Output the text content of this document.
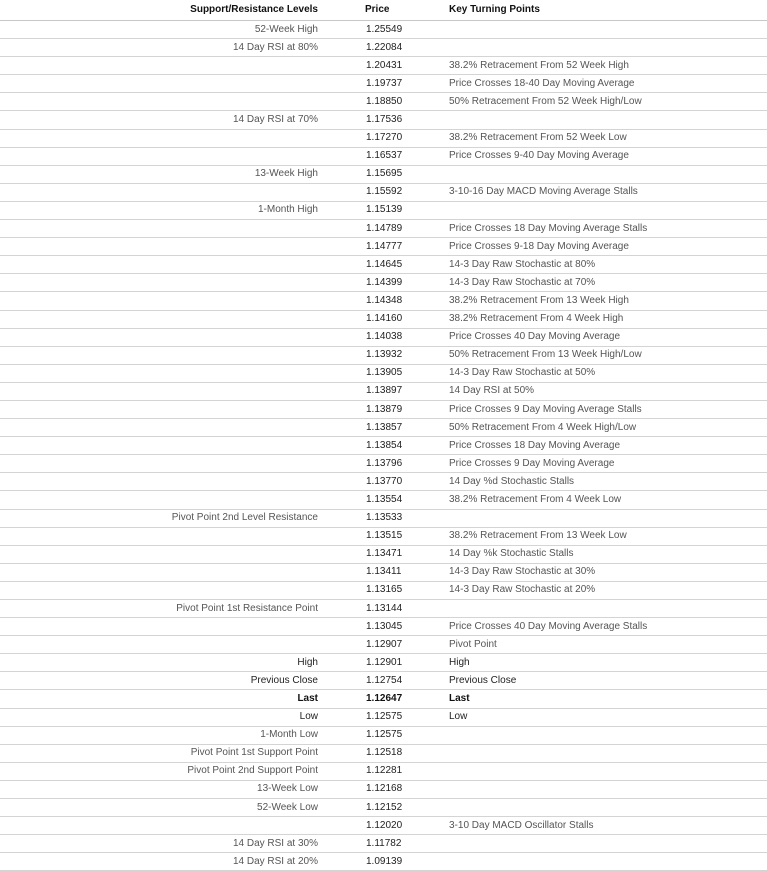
Support/Resistance Levels	Price	Key Turning Points
52-Week High	1.25549	
14 Day RSI at 80%	1.22084	
	1.20431	38.2% Retracement From 52 Week High
	1.19737	Price Crosses 18-40 Day Moving Average
	1.18850	50% Retracement From 52 Week High/Low
14 Day RSI at 70%	1.17536	
	1.17270	38.2% Retracement From 52 Week Low
	1.16537	Price Crosses 9-40 Day Moving Average
13-Week High	1.15695	
	1.15592	3-10-16 Day MACD Moving Average Stalls
1-Month High	1.15139	
	1.14789	Price Crosses 18 Day Moving Average Stalls
	1.14777	Price Crosses 9-18 Day Moving Average
	1.14645	14-3 Day Raw Stochastic at 80%
	1.14399	14-3 Day Raw Stochastic at 70%
	1.14348	38.2% Retracement From 13 Week High
	1.14160	38.2% Retracement From 4 Week High
	1.14038	Price Crosses 40 Day Moving Average
	1.13932	50% Retracement From 13 Week High/Low
	1.13905	14-3 Day Raw Stochastic at 50%
	1.13897	14 Day RSI at 50%
	1.13879	Price Crosses 9 Day Moving Average Stalls
	1.13857	50% Retracement From 4 Week High/Low
	1.13854	Price Crosses 18 Day Moving Average
	1.13796	Price Crosses 9 Day Moving Average
	1.13770	14 Day %d Stochastic Stalls
	1.13554	38.2% Retracement From 4 Week Low
Pivot Point 2nd Level Resistance	1.13533	
	1.13515	38.2% Retracement From 13 Week Low
	1.13471	14 Day %k Stochastic Stalls
	1.13411	14-3 Day Raw Stochastic at 30%
	1.13165	14-3 Day Raw Stochastic at 20%
Pivot Point 1st Resistance Point	1.13144	
	1.13045	Price Crosses 40 Day Moving Average Stalls
	1.12907	Pivot Point
High	1.12901	High
Previous Close	1.12754	Previous Close
Last	1.12647	Last
Low	1.12575	Low
1-Month Low	1.12575	
Pivot Point 1st Support Point	1.12518	
Pivot Point 2nd Support Point	1.12281	
13-Week Low	1.12168	
52-Week Low	1.12152	
	1.12020	3-10 Day MACD Oscillator Stalls
14 Day RSI at 30%	1.11782	
14 Day RSI at 20%	1.09139	
